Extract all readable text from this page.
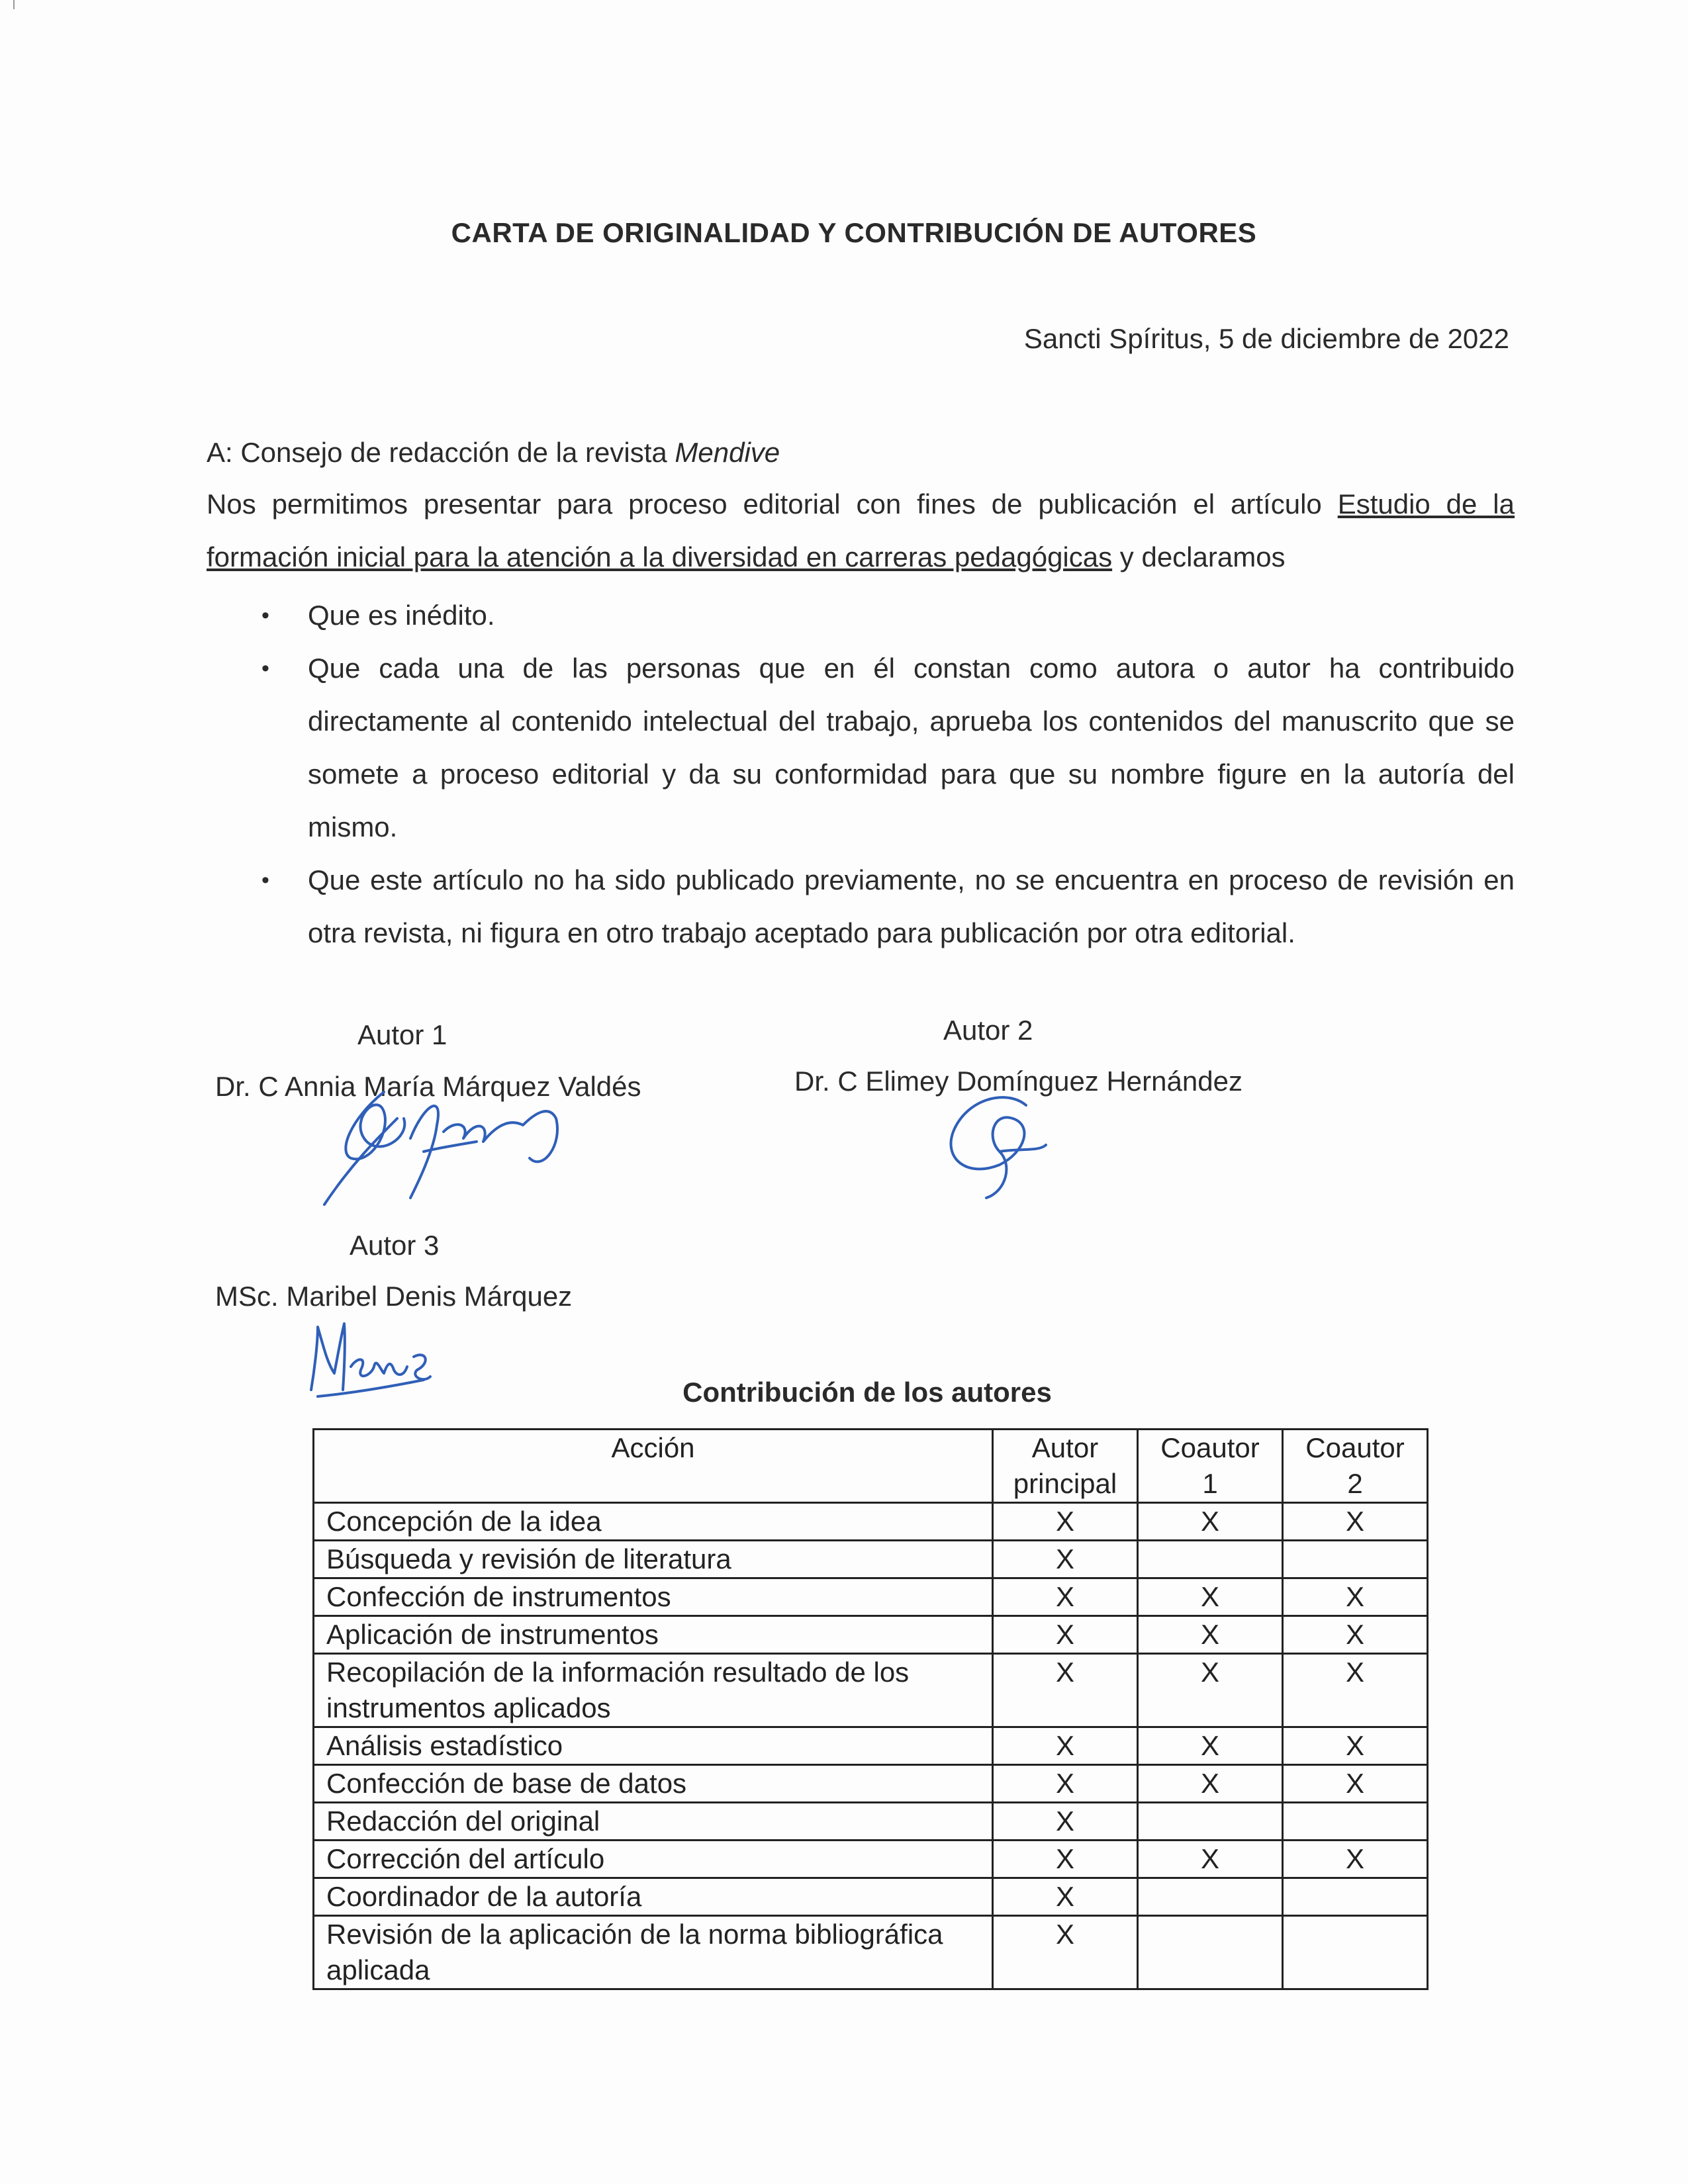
CARTA DE ORIGINALIDAD Y CONTRIBUCIÓN DE AUTORES
Sancti Spíritus, 5 de diciembre de 2022
A: Consejo de redacción de la revista Mendive
Nos permitimos presentar para proceso editorial con fines de publicación el artículo Estudio de la formación inicial para la atención a la diversidad en carreras pedagógicas y declaramos
• Que es inédito.
• Que cada una de las personas que en él constan como autora o autor ha contribuido directamente al contenido intelectual del trabajo, aprueba los contenidos del manuscrito que se somete a proceso editorial y da su conformidad para que su nombre figure en la autoría del mismo.
• Que este artículo no ha sido publicado previamente, no se encuentra en proceso de revisión en otra revista, ni figura en otro trabajo aceptado para publicación por otra editorial.
Autor 1
Dr. C Annia María Márquez Valdés
Autor 2
Dr. C Elimey Domínguez Hernández
Autor 3
MSc. Maribel Denis Márquez
Contribución de los autores
Acción	Autor principal	Coautor 1	Coautor 2
Concepción de la idea	X	X	X
Búsqueda y revisión de literatura	X		
Confección de instrumentos	X	X	X
Aplicación de instrumentos	X	X	X
Recopilación de la información resultado de los instrumentos aplicados	X	X	X
Análisis estadístico	X	X	X
Confección de base de datos	X	X	X
Redacción del original	X		
Corrección del artículo	X	X	X
Coordinador de la autoría	X		
Revisión de la aplicación de la norma bibliográfica aplicada	X		
